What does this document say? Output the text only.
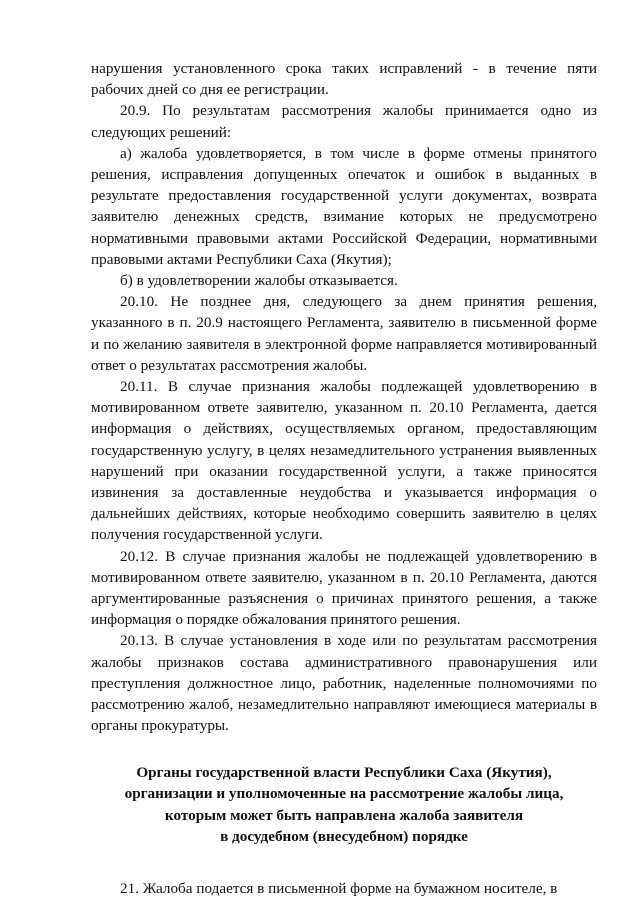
нарушения установленного срока таких исправлений - в течение пяти рабочих дней со дня ее регистрации.

20.9. По результатам рассмотрения жалобы принимается одно из следующих решений:

а) жалоба удовлетворяется, в том числе в форме отмены принятого решения, исправления допущенных опечаток и ошибок в выданных в результате предоставления государственной услуги документах, возврата заявителю денежных средств, взимание которых не предусмотрено нормативными правовыми актами Российской Федерации, нормативными правовыми актами Республики Саха (Якутия);

б) в удовлетворении жалобы отказывается.

20.10. Не позднее дня, следующего за днем принятия решения, указанного в п. 20.9 настоящего Регламента, заявителю в письменной форме и по желанию заявителя в электронной форме направляется мотивированный ответ о результатах рассмотрения жалобы.

20.11. В случае признания жалобы подлежащей удовлетворению в мотивированном ответе заявителю, указанном п. 20.10 Регламента, дается информация о действиях, осуществляемых органом, предоставляющим государственную услугу, в целях незамедлительного устранения выявленных нарушений при оказании государственной услуги, а также приносятся извинения за доставленные неудобства и указывается информация о дальнейших действиях, которые необходимо совершить заявителю в целях получения государственной услуги.

20.12. В случае признания жалобы не подлежащей удовлетворению в мотивированном ответе заявителю, указанном в п. 20.10 Регламента, даются аргументированные разъяснения о причинах принятого решения, а также информация о порядке обжалования принятого решения.

20.13. В случае установления в ходе или по результатам рассмотрения жалобы признаков состава административного правонарушения или преступления должностное лицо, работник, наделенные полномочиями по рассмотрению жалоб, незамедлительно направляют имеющиеся материалы в органы прокуратуры.

Органы государственной власти Республики Саха (Якутия),
организации и уполномоченные на рассмотрение жалобы лица,
которым может быть направлена жалоба заявителя
в досудебном (внесудебном) порядке

21. Жалоба подается в письменной форме на бумажном носителе, в
